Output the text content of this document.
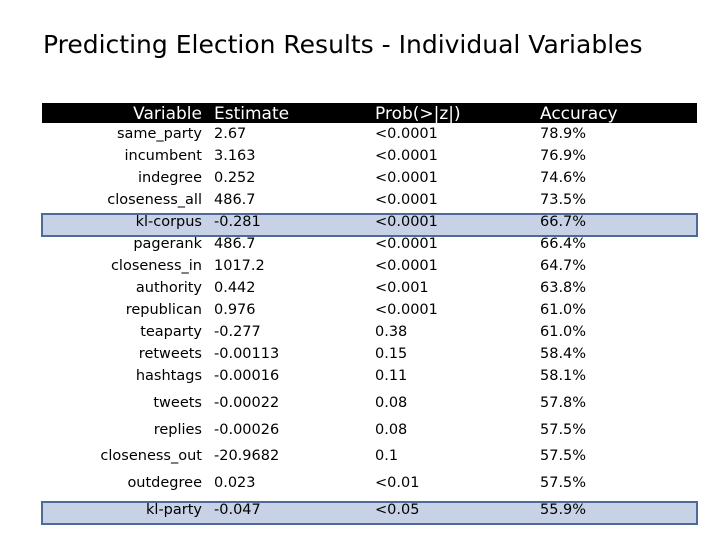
Predicting Election Results - Individual Variables
Variable Estimate	Prob(>|z|)	Accuracy
same_party 2.67	<0.0001	78.9%
incumbent 3.163	<0.0001	76.9%
indegree 0.252	<0.0001	74.6%
closeness_all 486.7	<0.0001	73.5%
kl-corpus -0.281	<0.0001	66.7%
pagerank 486.7	<0.0001	66.4%
closeness_in 1017.2	<0.0001	64.7%
authority 0.442	<0.001	63.8%
republican 0.976	<0.0001	61.0%
teaparty -0.277	0.38	61.0%
retweets -0.00113	0.15	58.4%
hashtags -0.00016	0.11	58.1%
tweets -0.00022	0.08	57.8%
replies -0.00026	0.08	57.5%
closeness_out -20.9682	0.1	57.5%
outdegree 0.023	<0.01	57.5%
kl-party -0.047	<0.05	55.9%
